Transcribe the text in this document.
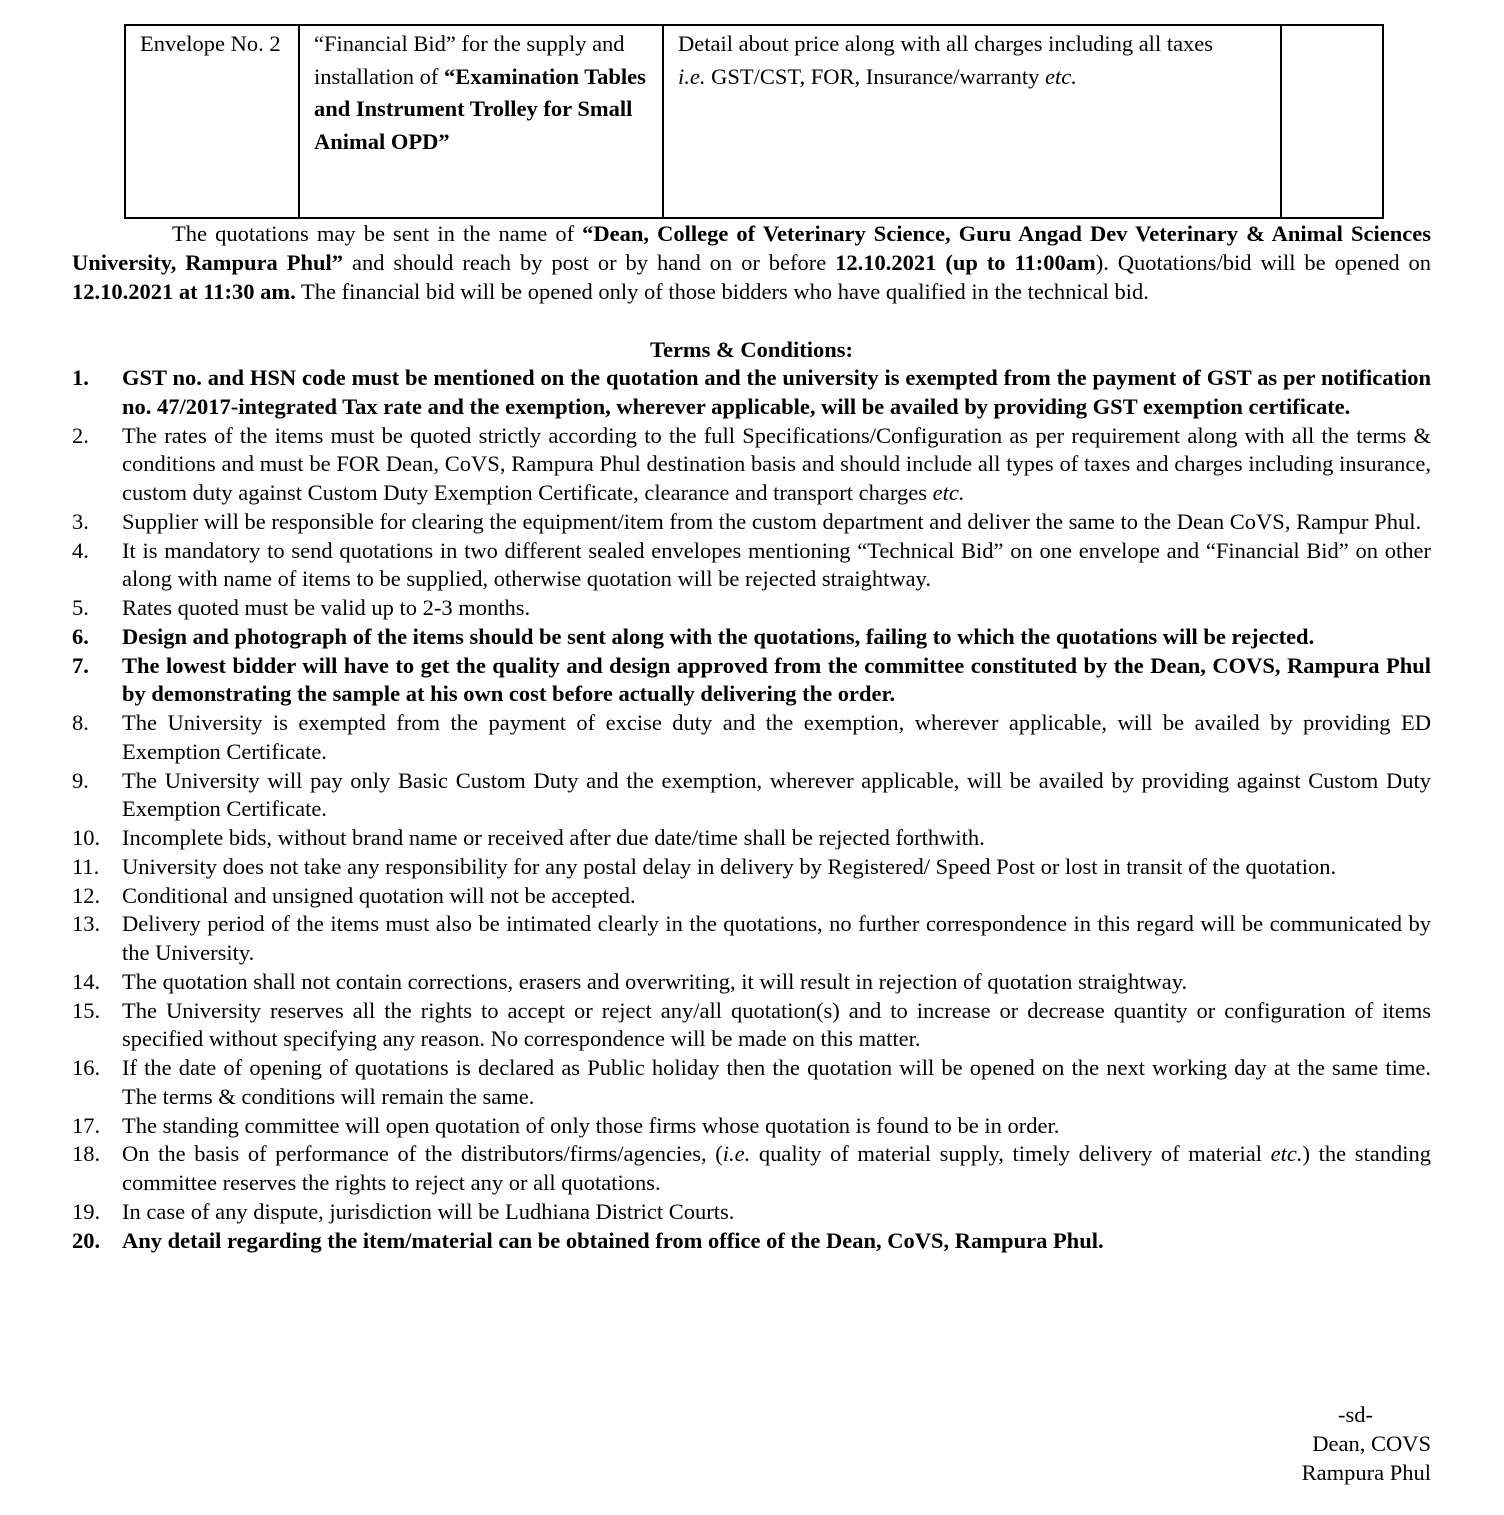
Envelope No. 2	“Financial Bid” for the supply and installation of “Examination Tables and Instrument Trolley for Small Animal OPD”	Detail about price along with all charges including all taxes
i.e. GST/CST, FOR, Insurance/warranty etc.	

The quotations may be sent in the name of “Dean, College of Veterinary Science, Guru Angad Dev Veterinary & Animal Sciences University, Rampura Phul” and should reach by post or by hand on or before 12.10.2021 (up to 11:00am). Quotations/bid will be opened on 12.10.2021 at 11:30 am. The financial bid will be opened only of those bidders who have qualified in the technical bid.

Terms & Conditions:

1. GST no. and HSN code must be mentioned on the quotation and the university is exempted from the payment of GST as per notification no. 47/2017-integrated Tax rate and the exemption, wherever applicable, will be availed by providing GST exemption certificate.
2. The rates of the items must be quoted strictly according to the full Specifications/Configuration as per requirement along with all the terms & conditions and must be FOR Dean, CoVS, Rampura Phul destination basis and should include all types of taxes and charges including insurance, custom duty against Custom Duty Exemption Certificate, clearance and transport charges etc.
3. Supplier will be responsible for clearing the equipment/item from the custom department and deliver the same to the Dean CoVS, Rampur Phul.
4. It is mandatory to send quotations in two different sealed envelopes mentioning “Technical Bid” on one envelope and “Financial Bid” on other along with name of items to be supplied, otherwise quotation will be rejected straightway.
5. Rates quoted must be valid up to 2-3 months.
6. Design and photograph of the items should be sent along with the quotations, failing to which the quotations will be rejected.
7. The lowest bidder will have to get the quality and design approved from the committee constituted by the Dean, COVS, Rampura Phul by demonstrating the sample at his own cost before actually delivering the order.
8. The University is exempted from the payment of excise duty and the exemption, wherever applicable, will be availed by providing ED Exemption Certificate.
9. The University will pay only Basic Custom Duty and the exemption, wherever applicable, will be availed by providing against Custom Duty Exemption Certificate.
10. Incomplete bids, without brand name or received after due date/time shall be rejected forthwith.
11. University does not take any responsibility for any postal delay in delivery by Registered/ Speed Post or lost in transit of the quotation.
12. Conditional and unsigned quotation will not be accepted.
13. Delivery period of the items must also be intimated clearly in the quotations, no further correspondence in this regard will be communicated by the University.
14. The quotation shall not contain corrections, erasers and overwriting, it will result in rejection of quotation straightway.
15. The University reserves all the rights to accept or reject any/all quotation(s) and to increase or decrease quantity or configuration of items specified without specifying any reason. No correspondence will be made on this matter.
16. If the date of opening of quotations is declared as Public holiday then the quotation will be opened on the next working day at the same time. The terms & conditions will remain the same.
17. The standing committee will open quotation of only those firms whose quotation is found to be in order.
18. On the basis of performance of the distributors/firms/agencies, (i.e. quality of material supply, timely delivery of material etc.) the standing committee reserves the rights to reject any or all quotations.
19. In case of any dispute, jurisdiction will be Ludhiana District Courts.
20. Any detail regarding the item/material can be obtained from office of the Dean, CoVS, Rampura Phul.
-sd-
Dean, COVS
Rampura Phul
